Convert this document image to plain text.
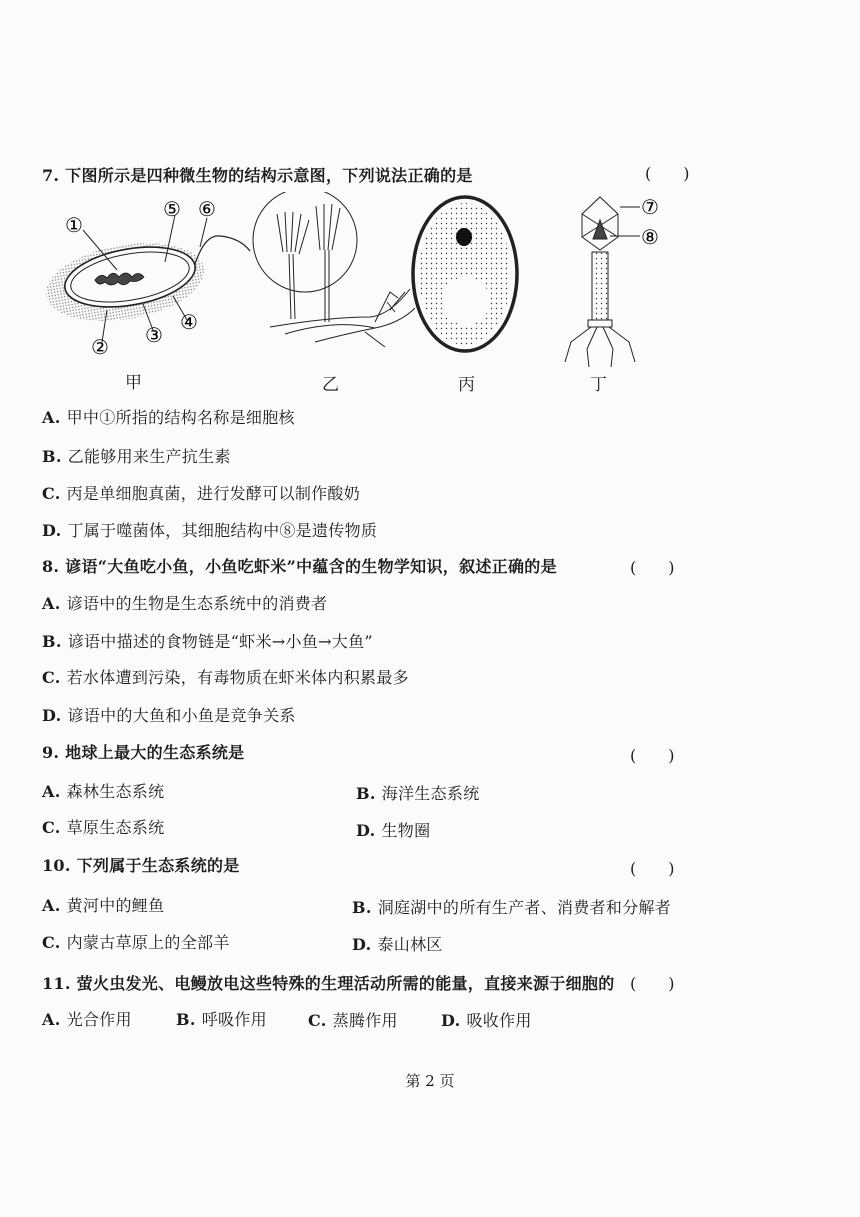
7. 下图所示是四种微生物的结构示意图，下列说法正确的是	(　　)
①
② ③
④
⑤ ⑥	⑦
⑧
甲	乙	丙	丁
A. 甲中①所指的结构名称是细胞核
B. 乙能够用来生产抗生素
C. 丙是单细胞真菌，进行发酵可以制作酸奶
D. 丁属于噬菌体，其细胞结构中⑧是遗传物质
8. 谚语“大鱼吃小鱼，小鱼吃虾米”中蕴含的生物学知识，叙述正确的是	(　　)
A. 谚语中的生物是生态系统中的消费者
B. 谚语中描述的食物链是“虾米→小鱼→大鱼”
C. 若水体遭到污染，有毒物质在虾米体内积累最多
D. 谚语中的大鱼和小鱼是竞争关系
9. 地球上最大的生态系统是	(　　)
A. 森林生态系统	B. 海洋生态系统
C. 草原生态系统	D. 生物圈
10. 下列属于生态系统的是	(　　)
A. 黄河中的鲤鱼	B. 洞庭湖中的所有生产者、消费者和分解者
C. 内蒙古草原上的全部羊	D. 泰山林区
11. 萤火虫发光、电鳗放电这些特殊的生理活动所需的能量，直接来源于细胞的 (　　)
A. 光合作用	B. 呼吸作用	C. 蒸腾作用	D. 吸收作用
第 2 页
